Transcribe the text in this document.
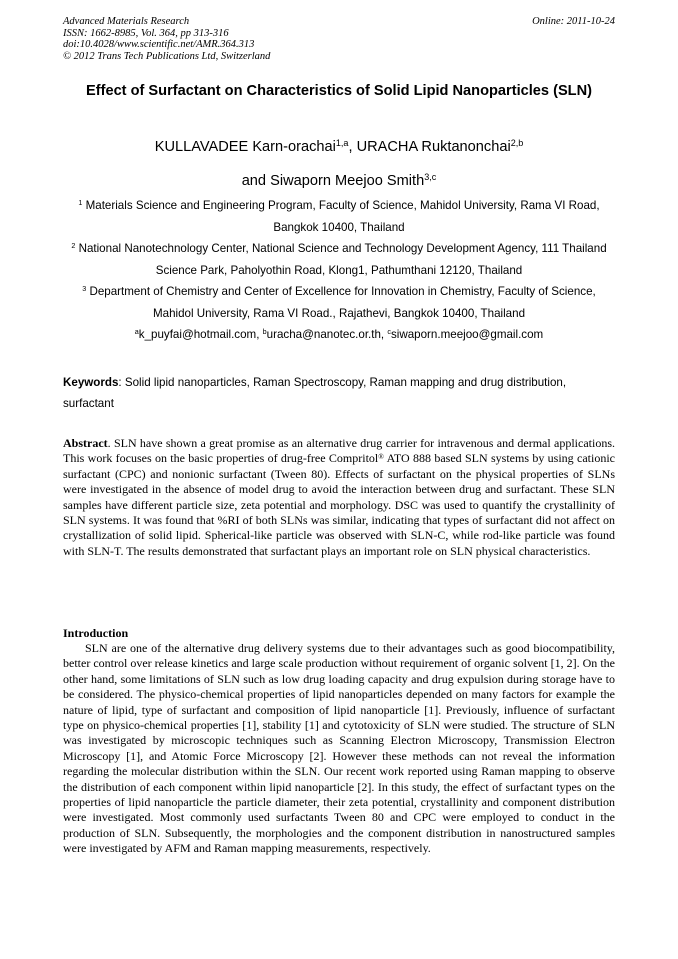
Advanced Materials Research
ISSN: 1662-8985, Vol. 364, pp 313-316
doi:10.4028/www.scientific.net/AMR.364.313
© 2012 Trans Tech Publications Ltd, Switzerland
Online: 2011-10-24
Effect of Surfactant on Characteristics of Solid Lipid Nanoparticles (SLN)
KULLAVADEE Karn-orachai$^{1,a}$, URACHA Ruktanonchai$^{2,b}$
and Siwaporn Meejoo Smith$^{3,c}$
$^1$ Materials Science and Engineering Program, Faculty of Science, Mahidol University, Rama VI Road, Bangkok 10400, Thailand
$^2$ National Nanotechnology Center, National Science and Technology Development Agency, 111 Thailand Science Park, Paholyothin Road, Klong1, Pathumthani 12120, Thailand
$^3$ Department of Chemistry and Center of Excellence for Innovation in Chemistry, Faculty of Science, Mahidol University, Rama VI Road., Rajathevi, Bangkok 10400, Thailand
$^a$k_puyfai@hotmail.com, $^b$uracha@nanotec.or.th, $^c$siwaporn.meejoo@gmail.com
Keywords: Solid lipid nanoparticles, Raman Spectroscopy, Raman mapping and drug distribution, surfactant
Abstract. SLN have shown a great promise as an alternative drug carrier for intravenous and dermal applications. This work focuses on the basic properties of drug-free Compritol® ATO 888 based SLN systems by using cationic surfactant (CPC) and nonionic surfactant (Tween 80). Effects of surfactant on the physical properties of SLNs were investigated in the absence of model drug to avoid the interaction between drug and surfactant. These SLN samples have different particle size, zeta potential and morphology. DSC was used to quantify the crystallinity of SLN systems. It was found that %RI of both SLNs was similar, indicating that types of surfactant did not affect on crystallization of solid lipid. Spherical-like particle was observed with SLN-C, while rod-like particle was found with SLN-T. The results demonstrated that surfactant plays an important role on SLN physical characteristics.
Introduction
SLN are one of the alternative drug delivery systems due to their advantages such as good biocompatibility, better control over release kinetics and large scale production without requirement of organic solvent [1, 2]. On the other hand, some limitations of SLN such as low drug loading capacity and drug expulsion during storage have to be considered. The physico-chemical properties of lipid nanoparticles depended on many factors for example the nature of lipid, type of surfactant and composition of lipid nanoparticle [1]. Previously, influence of surfactant type on physico-chemical properties [1], stability [1] and cytotoxicity of SLN were studied. The structure of SLN was investigated by microscopic techniques such as Scanning Electron Microscopy, Transmission Electron Microscopy [1], and Atomic Force Microscopy [2]. However these methods can not reveal the information regarding the molecular distribution within the SLN. Our recent work reported using Raman mapping to observe the distribution of each component within lipid nanoparticle [2]. In this study, the effect of surfactant types on the properties of lipid nanoparticle the particle diameter, their zeta potential, crystallinity and component distribution were investigated. Most commonly used surfactants Tween 80 and CPC were employed to conduct in the production of SLN. Subsequently, the morphologies and the component distribution in nanostructured samples were investigated by AFM and Raman mapping measurements, respectively.
